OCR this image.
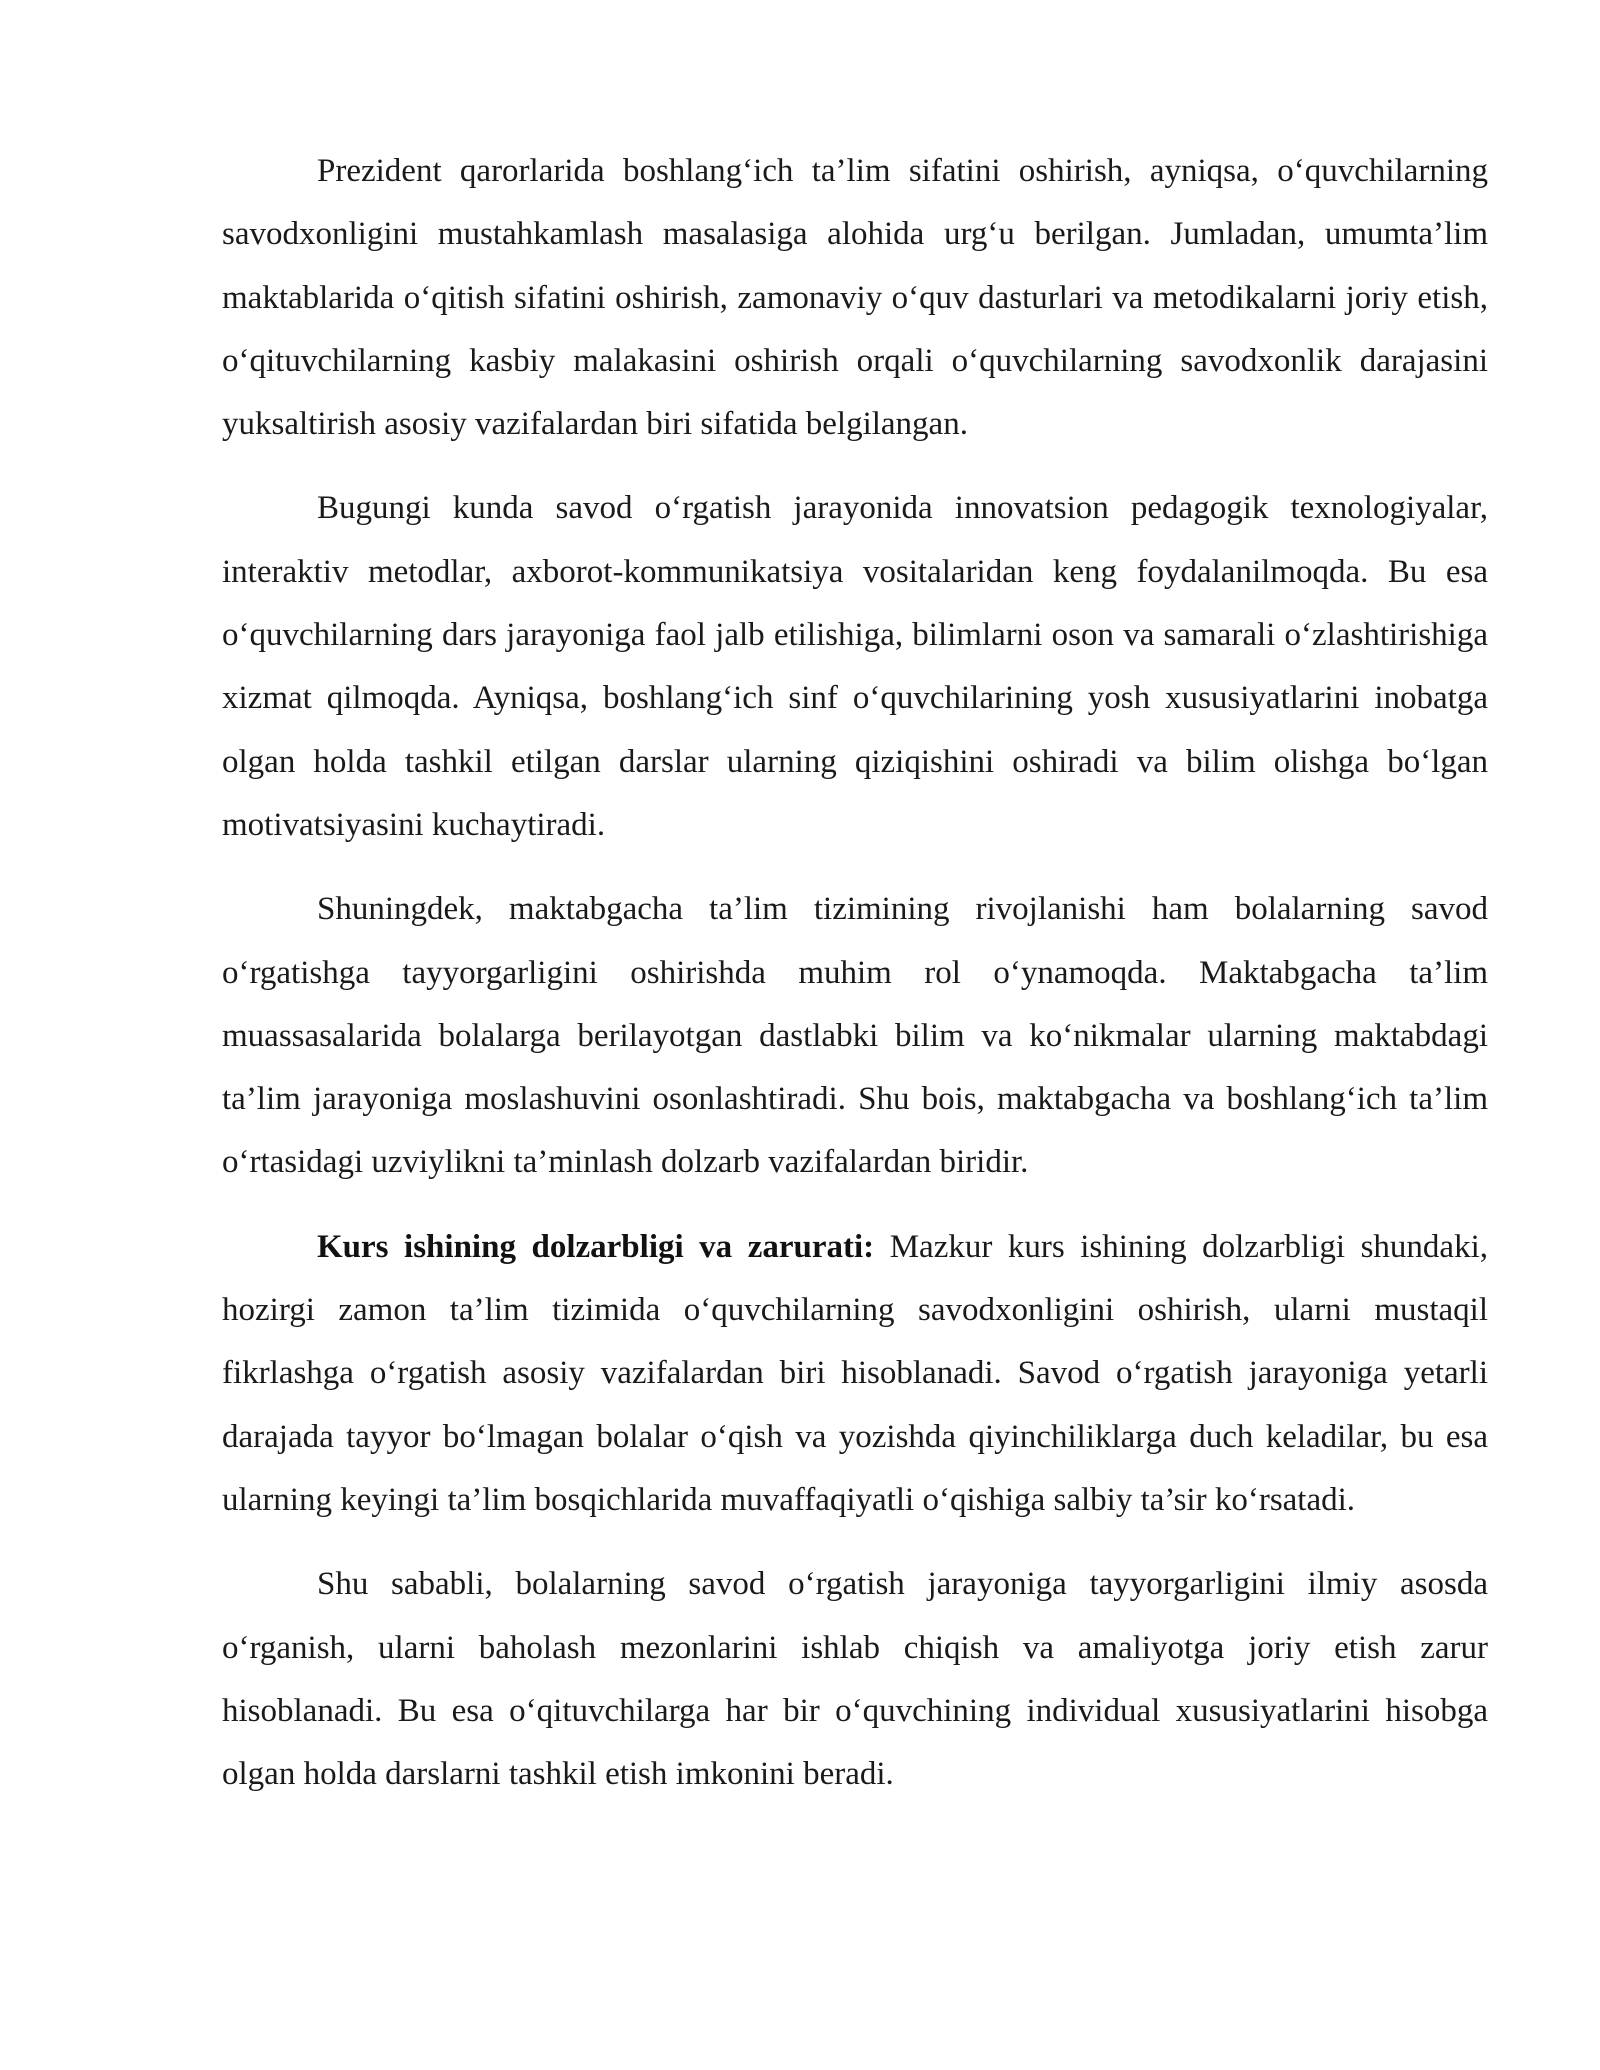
Prezident qarorlarida boshlang‘ich ta’lim sifatini oshirish, ayniqsa, o‘quvchilarning savodxonligini mustahkamlash masalasiga alohida urg‘u berilgan. Jumladan, umumta’lim maktablarida o‘qitish sifatini oshirish, zamonaviy o‘quv dasturlari va metodikalarni joriy etish, o‘qituvchilarning kasbiy malakasini oshirish orqali o‘quvchilarning savodxonlik darajasini yuksaltirish asosiy vazifalardan biri sifatida belgilangan.

Bugungi kunda savod o‘rgatish jarayonida innovatsion pedagogik texnologiyalar, interaktiv metodlar, axborot-kommunikatsiya vositalaridan keng foydalanilmoqda. Bu esa o‘quvchilarning dars jarayoniga faol jalb etilishiga, bilimlarni oson va samarali o‘zlashtirishiga xizmat qilmoqda. Ayniqsa, boshlang‘ich sinf o‘quvchilarining yosh xususiyatlarini inobatga olgan holda tashkil etilgan darslar ularning qiziqishini oshiradi va bilim olishga bo‘lgan motivatsiyasini kuchaytiradi.

Shuningdek, maktabgacha ta’lim tizimining rivojlanishi ham bolalarning savod o‘rgatishga tayyorgarligini oshirishda muhim rol o‘ynamoqda. Maktabgacha ta’lim muassasalarida bolalarga berilayotgan dastlabki bilim va ko‘nikmalar ularning maktabdagi ta’lim jarayoniga moslashuvini osonlashtiradi. Shu bois, maktabgacha va boshlang‘ich ta’lim o‘rtasidagi uzviylikni ta’minlash dolzarb vazifalardan biridir.

Kurs ishining dolzarbligi va zarurati: Mazkur kurs ishining dolzarbligi shundaki, hozirgi zamon ta’lim tizimida o‘quvchilarning savodxonligini oshirish, ularni mustaqil fikrlashga o‘rgatish asosiy vazifalardan biri hisoblanadi. Savod o‘rgatish jarayoniga yetarli darajada tayyor bo‘lmagan bolalar o‘qish va yozishda qiyinchiliklarga duch keladilar, bu esa ularning keyingi ta’lim bosqichlarida muvaffaqiyatli o‘qishiga salbiy ta’sir ko‘rsatadi.

Shu sababli, bolalarning savod o‘rgatish jarayoniga tayyorgarligini ilmiy asosda o‘rganish, ularni baholash mezonlarini ishlab chiqish va amaliyotga joriy etish zarur hisoblanadi. Bu esa o‘qituvchilarga har bir o‘quvchining individual xususiyatlarini hisobga olgan holda darslarni tashkil etish imkonini beradi.
